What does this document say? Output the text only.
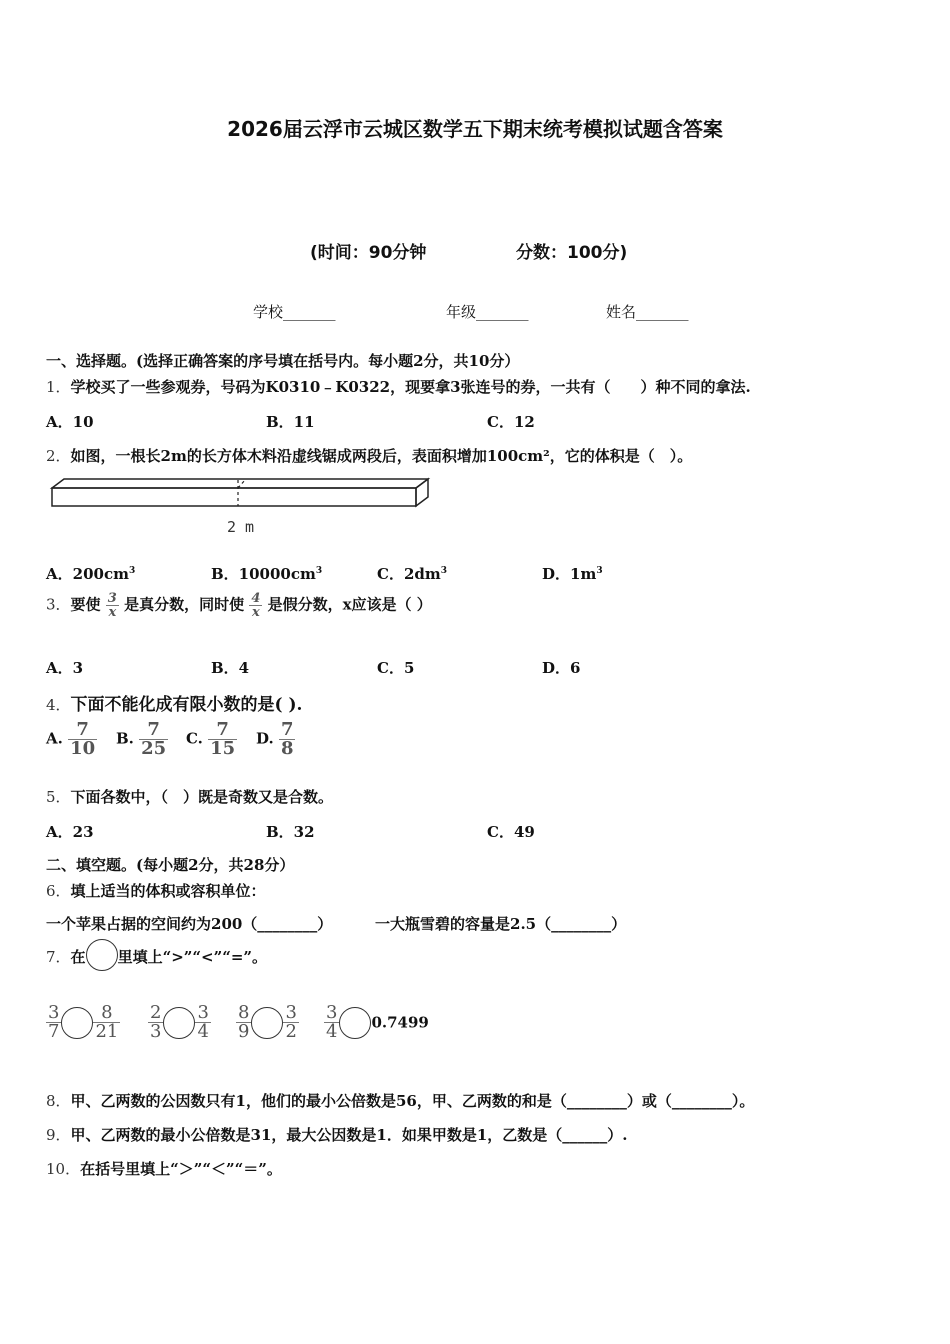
2026届云浮市云城区数学五下期末统考模拟试题含答案
(时间：90分钟	分数：100分)
学校_______	年级_______	姓名_______
一、选择题。(选择正确答案的序号填在括号内。每小题2分，共10分）
1．学校买了一些参观券，号码为K0310﹣K0322，现要拿3张连号的券，一共有（　　）种不同的拿法.
A．10	B．11	C．12
2．如图，一根长2m的长方体木料沿虚线锯成两段后，表面积增加100cm²，它的体积是（　）。
2 m
A．$200cm^3$	B．$10000cm^3$	C．$2dm^3$	D．$1m^3$
3．要使 $\frac{3}{x}$ 是真分数，同时使 $\frac{4}{x}$ 是假分数，x应该是（ ）
A．3	B．4	C．5	D．6
4．下面不能化成有限小数的是( ).
A. $\frac{7}{10} B$. $\frac{7}{25} C$. $\frac{7}{15} D$. $\frac{7}{8}$
5．下面各数中，（　）既是奇数又是合数。
A．23	B．32	C．49
二、填空题。(每小题2分，共28分）
6．填上适当的体积或容积单位：
一个苹果占据的空间约为200（________）	一大瓶雪碧的容量是2.5（________）
7．在 里填上“>”“<”“=”。
$\frac{3}{7} \frac{8}{21} \frac{2}{3} \frac{3}{4} \frac{8}{9} \frac{3}{2} \frac{3}{4} 0.7499$
8．甲、乙两数的公因数只有1，他们的最小公倍数是56，甲、乙两数的和是（________）或（________）。
9．甲、乙两数的最小公倍数是31，最大公因数是1．如果甲数是1，乙数是（______）.
10．在括号里填上“＞”“＜”“＝”。
